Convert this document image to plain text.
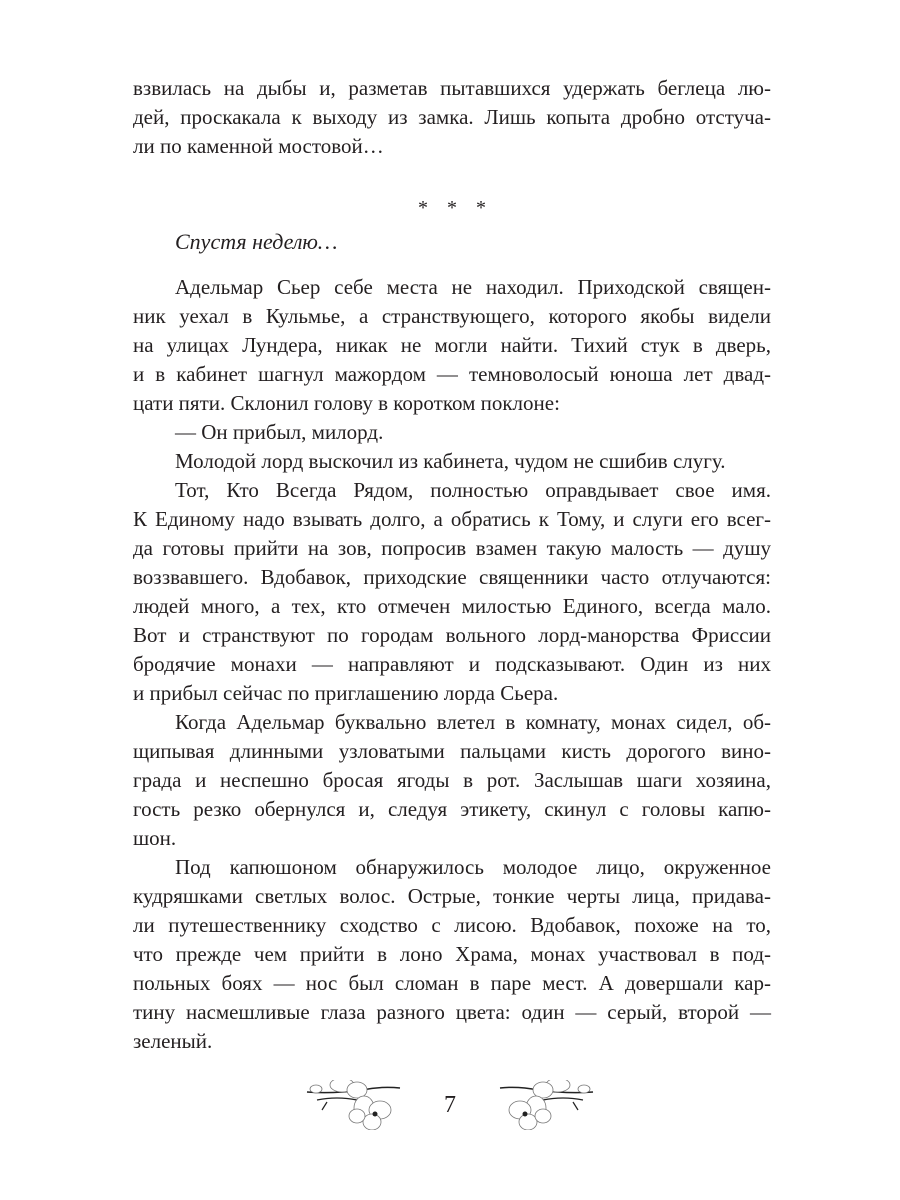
взвилась на дыбы и, разметав пытавшихся удержать беглеца лю-
дей, проскакала к выходу из замка. Лишь копыта дробно отстуча-
ли по каменной мостовой…
* * *
Спустя неделю…
Адельмар Сьер себе места не находил. Приходской священ-
ник уехал в Кульмье, а странствующего, которого якобы видели
на улицах Лундера, никак не могли найти. Тихий стук в дверь,
и в кабинет шагнул мажордом — темноволосый юноша лет двад-
цати пяти. Склонил голову в коротком поклоне:
— Он прибыл, милорд.
Молодой лорд выскочил из кабинета, чудом не сшибив слугу.
Тот, Кто Всегда Рядом, полностью оправдывает свое имя.
К Единому надо взывать долго, а обратись к Тому, и слуги его всег-
да готовы прийти на зов, попросив взамен такую малость — душу
воззвавшего. Вдобавок, приходские священники часто отлучаются:
людей много, а тех, кто отмечен милостью Единого, всегда мало.
Вот и странствуют по городам вольного лорд-манорства Фриссии
бродячие монахи — направляют и подсказывают. Один из них
и прибыл сейчас по приглашению лорда Сьера.
Когда Адельмар буквально влетел в комнату, монах сидел, об-
щипывая длинными узловатыми пальцами кисть дорогого вино-
града и неспешно бросая ягоды в рот. Заслышав шаги хозяина,
гость резко обернулся и, следуя этикету, скинул с головы капю-
шон.
Под капюшоном обнаружилось молодое лицо, окруженное
кудряшками светлых волос. Острые, тонкие черты лица, придава-
ли путешественнику сходство с лисою. Вдобавок, похоже на то,
что прежде чем прийти в лоно Храма, монах участвовал в под-
польных боях — нос был сломан в паре мест. А довершали кар-
тину насмешливые глаза разного цвета: один — серый, второй —
зеленый.
7
